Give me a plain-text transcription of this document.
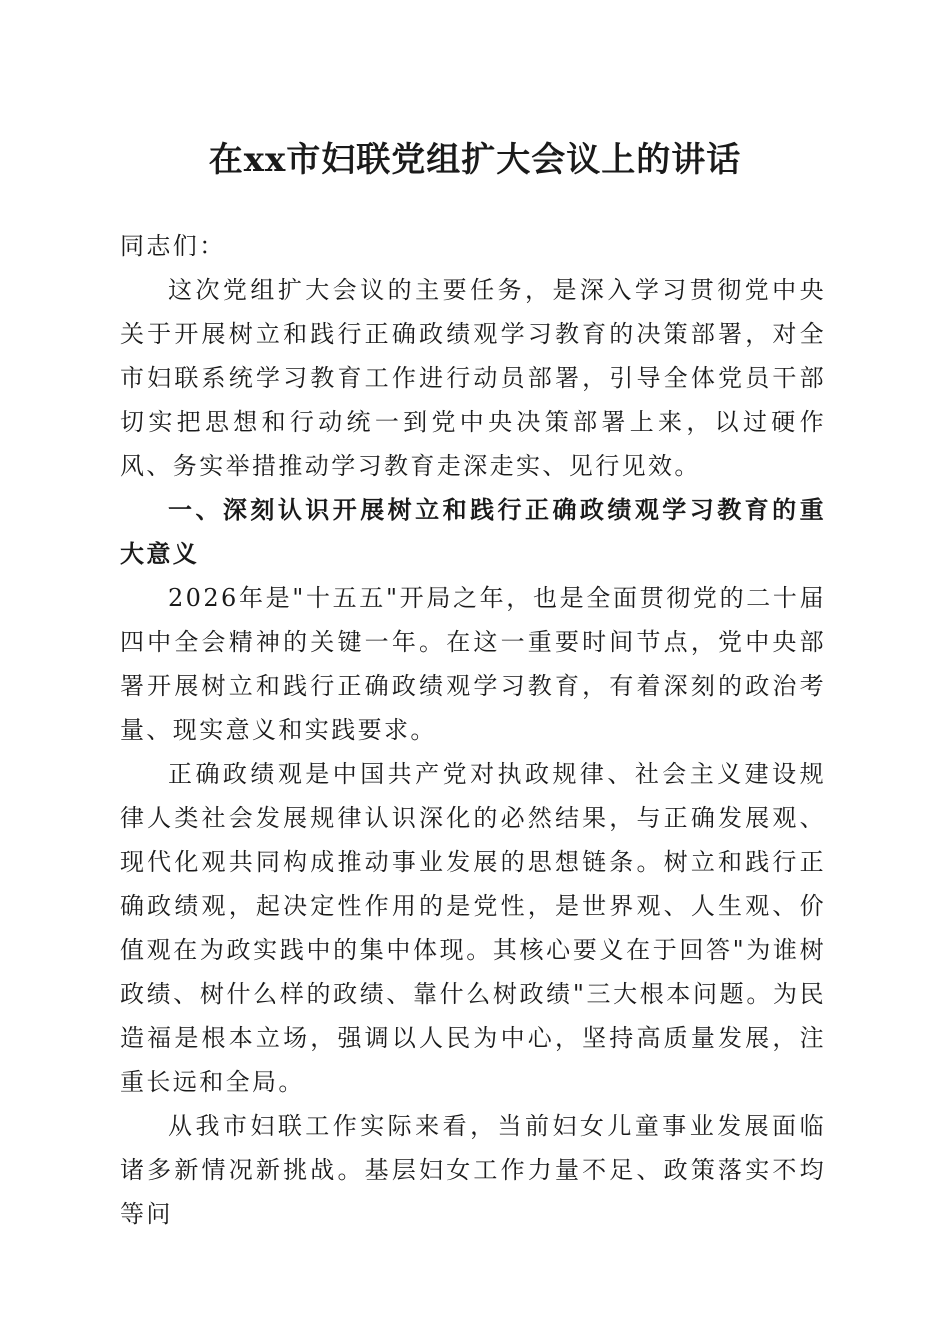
在xx市妇联党组扩大会议上的讲话

同志们：

这次党组扩大会议的主要任务，是深入学习贯彻党中央关于开展树立和践行正确政绩观学习教育的决策部署，对全市妇联系统学习教育工作进行动员部署，引导全体党员干部切实把思想和行动统一到党中央决策部署上来，以过硬作风、务实举措推动学习教育走深走实、见行见效。

一、深刻认识开展树立和践行正确政绩观学习教育的重大意义

2026年是"十五五"开局之年，也是全面贯彻党的二十届四中全会精神的关键一年。在这一重要时间节点，党中央部署开展树立和践行正确政绩观学习教育，有着深刻的政治考量、现实意义和实践要求。

正确政绩观是中国共产党对执政规律、社会主义建设规律人类社会发展规律认识深化的必然结果，与正确发展观、现代化观共同构成推动事业发展的思想链条。树立和践行正确政绩观，起决定性作用的是党性，是世界观、人生观、价值观在为政实践中的集中体现。其核心要义在于回答"为谁树政绩、树什么样的政绩、靠什么树政绩"三大根本问题。为民造福是根本立场，强调以人民为中心，坚持高质量发展，注重长远和全局。

从我市妇联工作实际来看，当前妇女儿童事业发展面临诸多新情况新挑战。基层妇女工作力量不足、政策落实不均等问
